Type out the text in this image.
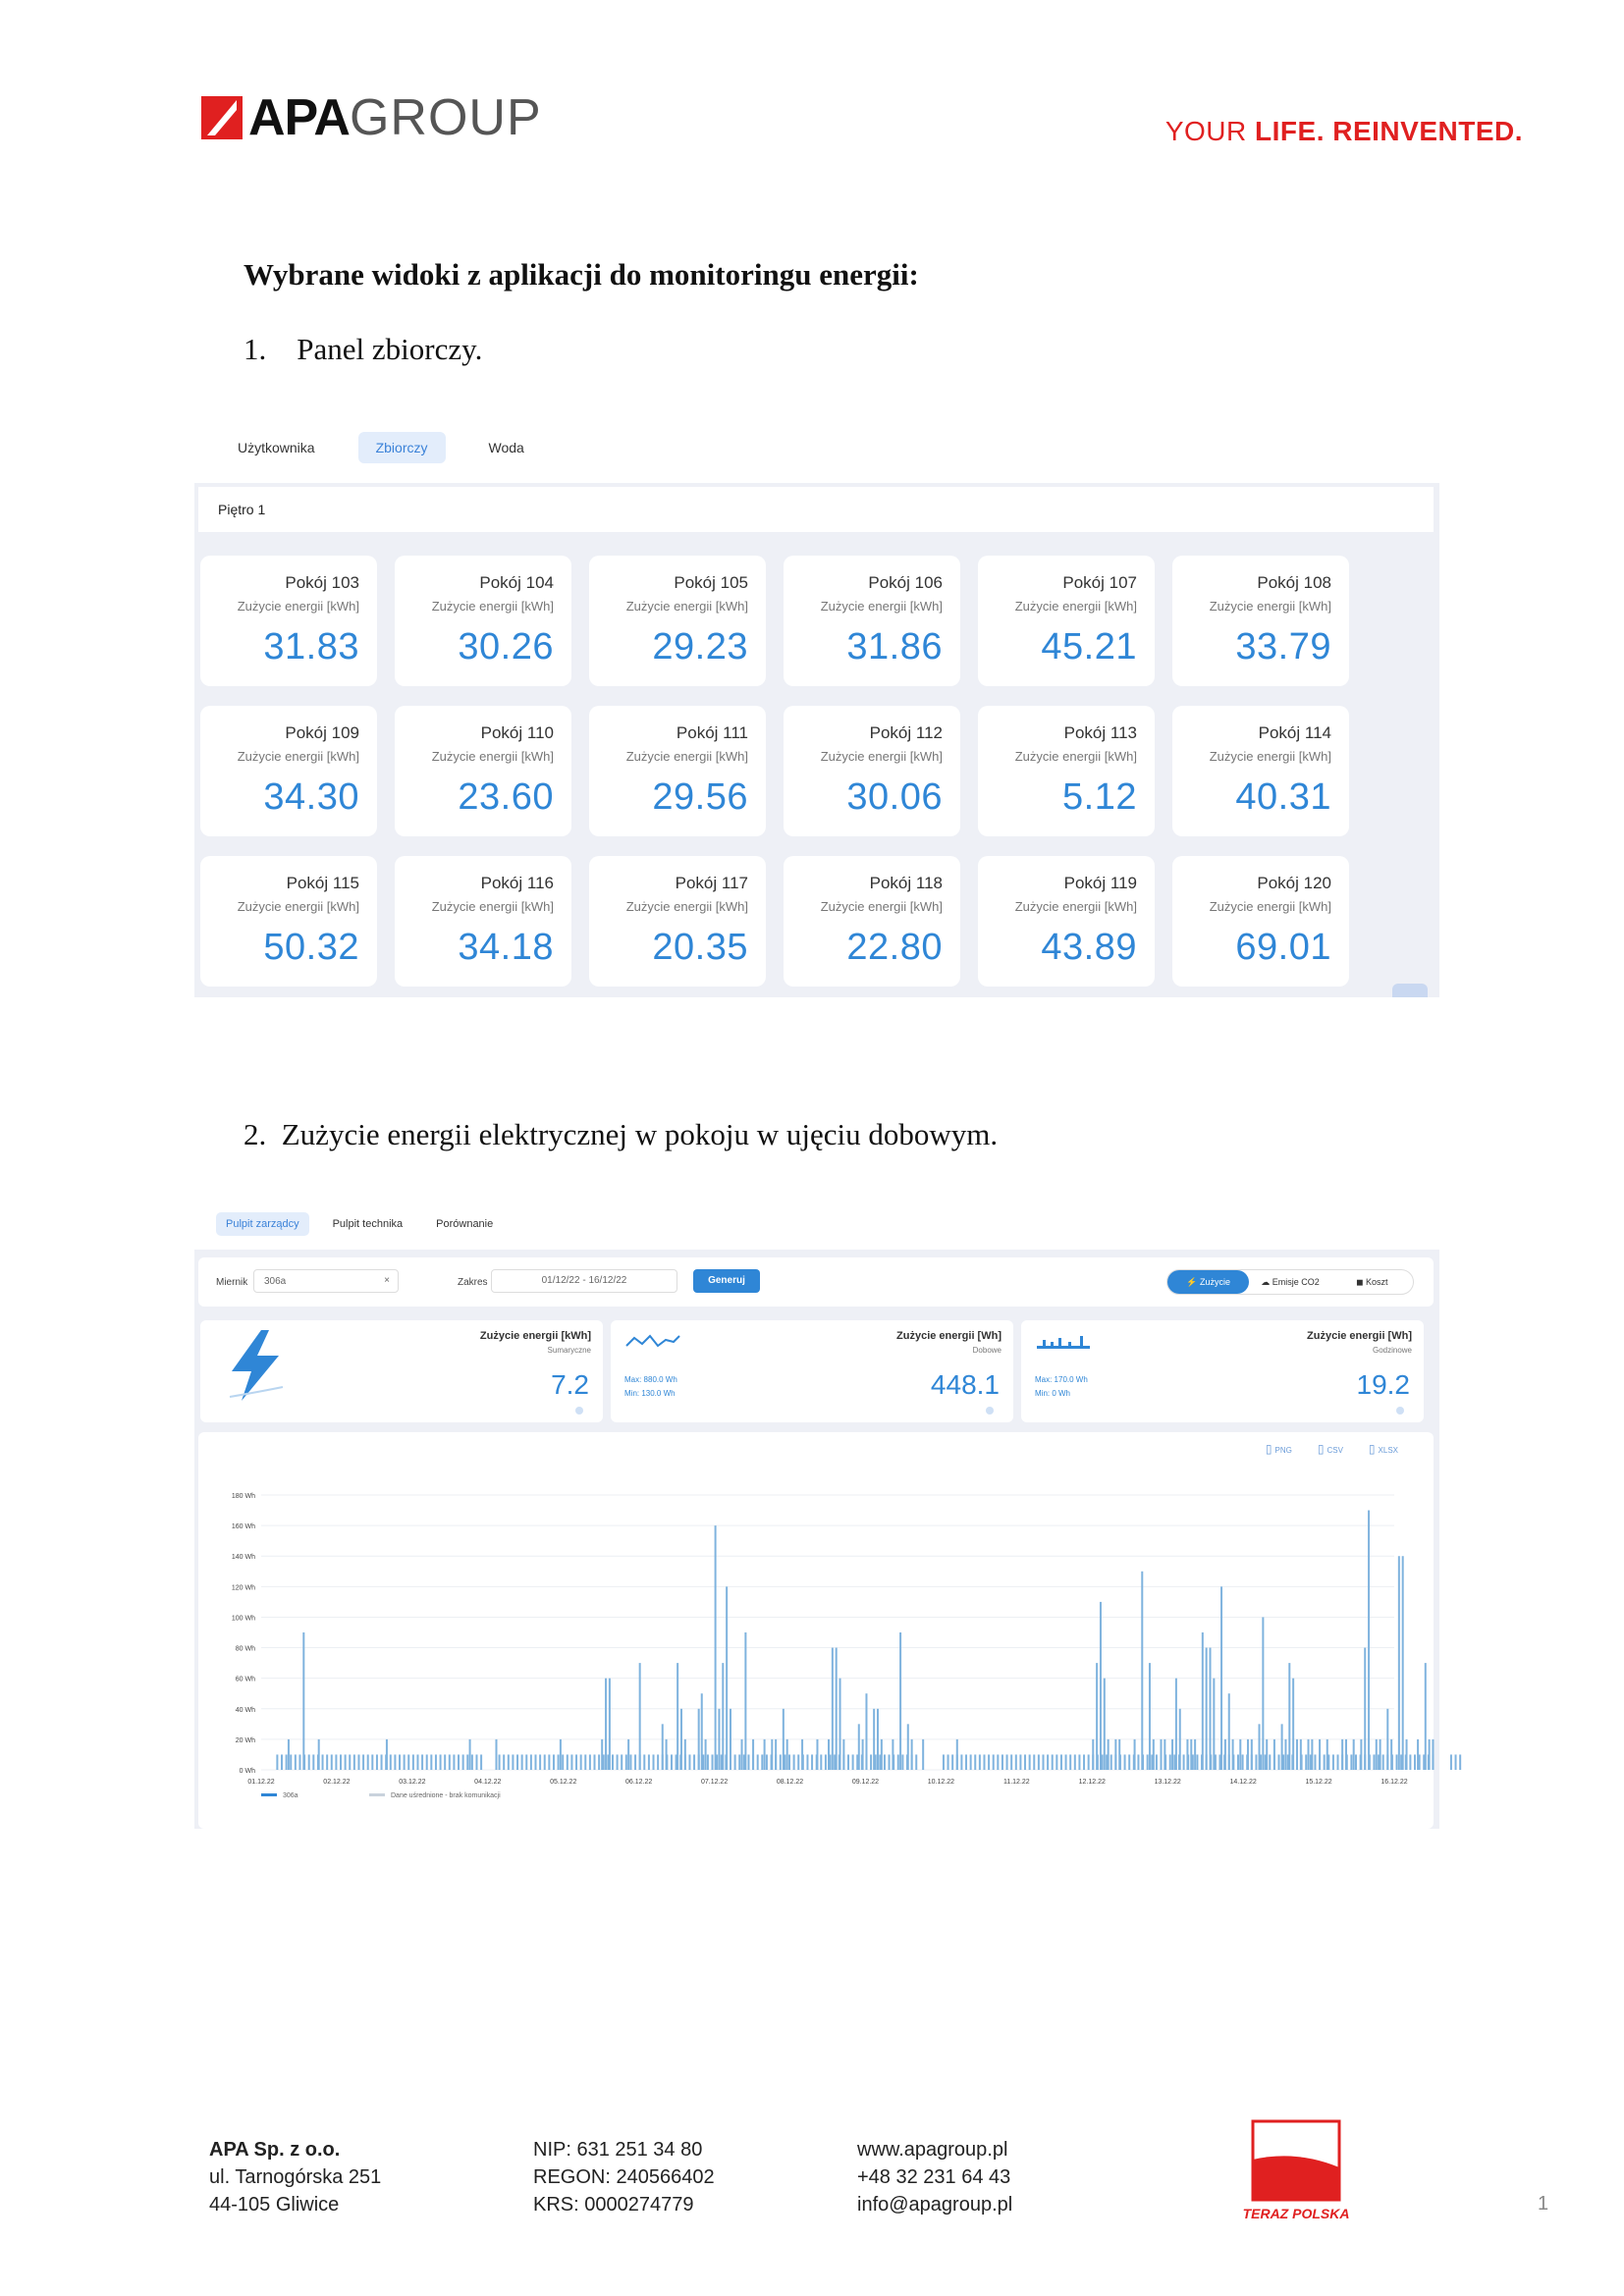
APA GROUP	YOUR LIFE. REINVENTED.
Wybrane widoki z aplikacji do monitoringu energii:
1.    Panel zbiorczy.
Użytkownika	Zbiorczy	Woda
Piętro 1
Pokój 103
Zużycie energii [kWh]
31.83
Pokój 104
Zużycie energii [kWh]
30.26
Pokój 105
Zużycie energii [kWh]
29.23
Pokój 106
Zużycie energii [kWh]
31.86
Pokój 107
Zużycie energii [kWh]
45.21
Pokój 108
Zużycie energii [kWh]
33.79
Pokój 109
Zużycie energii [kWh]
34.30
Pokój 110
Zużycie energii [kWh]
23.60
Pokój 111
Zużycie energii [kWh]
29.56
Pokój 112
Zużycie energii [kWh]
30.06
Pokój 113
Zużycie energii [kWh]
5.12
Pokój 114
Zużycie energii [kWh]
40.31
Pokój 115
Zużycie energii [kWh]
50.32
Pokój 116
Zużycie energii [kWh]
34.18
Pokój 117
Zużycie energii [kWh]
20.35
Pokój 118
Zużycie energii [kWh]
22.80
Pokój 119
Zużycie energii [kWh]
43.89
Pokój 120
Zużycie energii [kWh]
69.01
2.  Zużycie energii elektrycznej w pokoju w ujęciu dobowym.
Pulpit zarządcy	Pulpit technika	Porównanie
Miernik	306a	×	Zakres	01/12/22 - 16/12/22	Generuj	⚡ Zużycie	☁ Emisje CO2	◼ Koszt
Zużycie energii [kWh]
Sumaryczne
7.2
Zużycie energii [Wh]
Dobowe
Max: 880.0 Wh
Min: 130.0 Wh	448.1
Zużycie energii [Wh]
Godzinowe
Max: 170.0 Wh
Min: 0 Wh	19.2
▯ PNG	▯ CSV	▯ XLSX
0 Wh
20 Wh
40 Wh
60 Wh
80 Wh
100 Wh
120 Wh
140 Wh
160 Wh
180 Wh
01.12.22	02.12.22	03.12.22	04.12.22	05.12.22	06.12.22	07.12.22	08.12.22	09.12.22	10.12.22	11.12.22	12.12.22	13.12.22	14.12.22	15.12.22	16.12.22
306a	Dane uśrednione - brak komunikacji
APA Sp. z o.o.
ul. Tarnogórska 251
44-105 Gliwice
NIP: 631 251 34 80
REGON: 240566402
KRS: 0000274779
www.apagroup.pl
+48 32 231 64 43
info@apagroup.pl	TERAZ POLSKA	1
